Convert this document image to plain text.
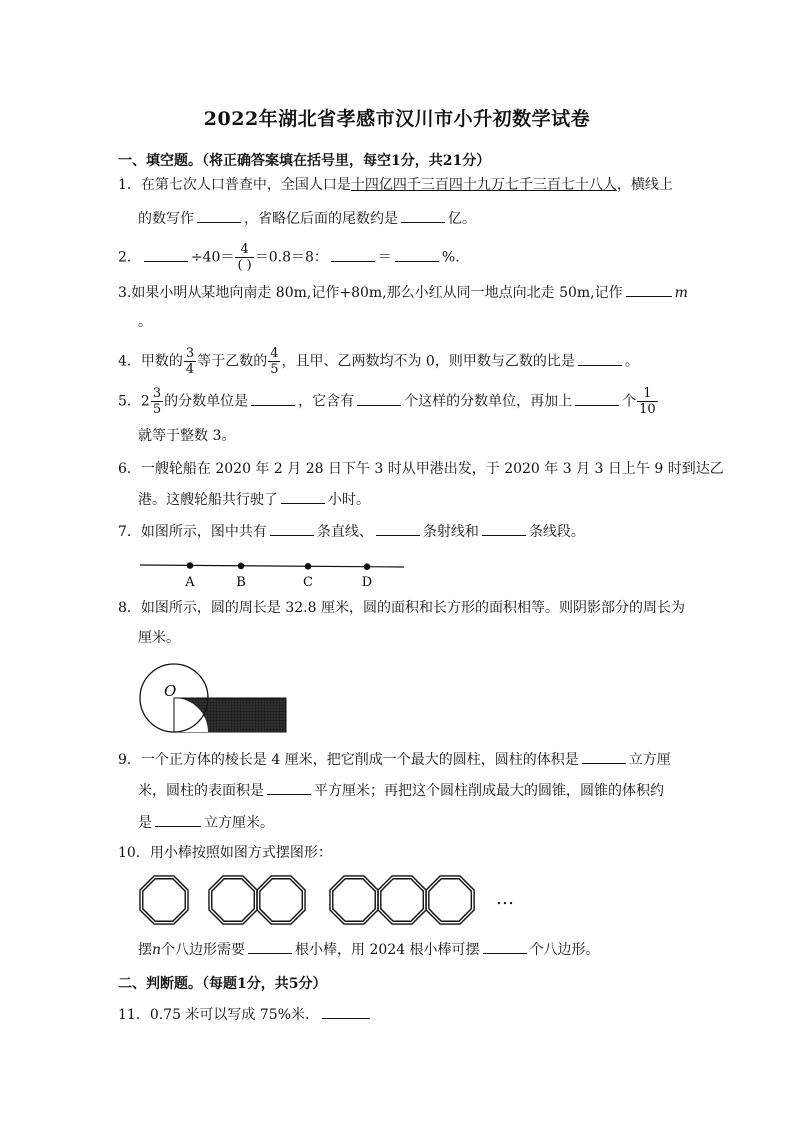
2022年湖北省孝感市汉川市小升初数学试卷
一、填空题。（将正确答案填在括号里，每空1分，共21分）
1．在第七次人口普查中，全国人口是十四亿四千三百四十九万七千三百七十八人，横线上
的数写作	，省略亿后面的尾数约是	亿。
2．	$\div 40= \frac{4}{( )} =0.8=8$：	＝	%.
3.如果小明从某地向南走 80m,记作+80m,那么小红从同一地点向北走 50m,记作	m
。
4．甲数的 $\frac{3}{4}$ 等于乙数的 $\frac{4}{5}$ ，且甲、乙两数均不为 0，则甲数与乙数的比是	。
5．$2 \frac{3}{5}$ 的分数单位是	，它含有	个这样的分数单位，再加上	个 $\frac{1}{10}$
就等于整数 3。
6．一艘轮船在 2020 年 2 月 28 日下午 3 时从甲港出发，于 2020 年 3 月 3 日上午 9 时到达乙
港。这艘轮船共行驶了	小时。
7．如图所示，图中共有	条直线、	条射线和	条线段。
A	B	C	D
8．如图所示，圆的周长是 32.8 厘米，圆的面积和长方形的面积相等。则阴影部分的周长为
厘米。
O
9．一个正方体的棱长是 4 厘米，把它削成一个最大的圆柱，圆柱的体积是	立方厘
米，圆柱的表面积是	平方厘米；再把这个圆柱削成最大的圆锥，圆锥的体积约
是	立方厘米。
10．用小棒按照如图方式摆图形：
…
摆n个八边形需要	根小棒，用 2024 根小棒可摆	个八边形。
二、判断题。（每题1分，共5分）
11．0.75 米可以写成 75%米．
